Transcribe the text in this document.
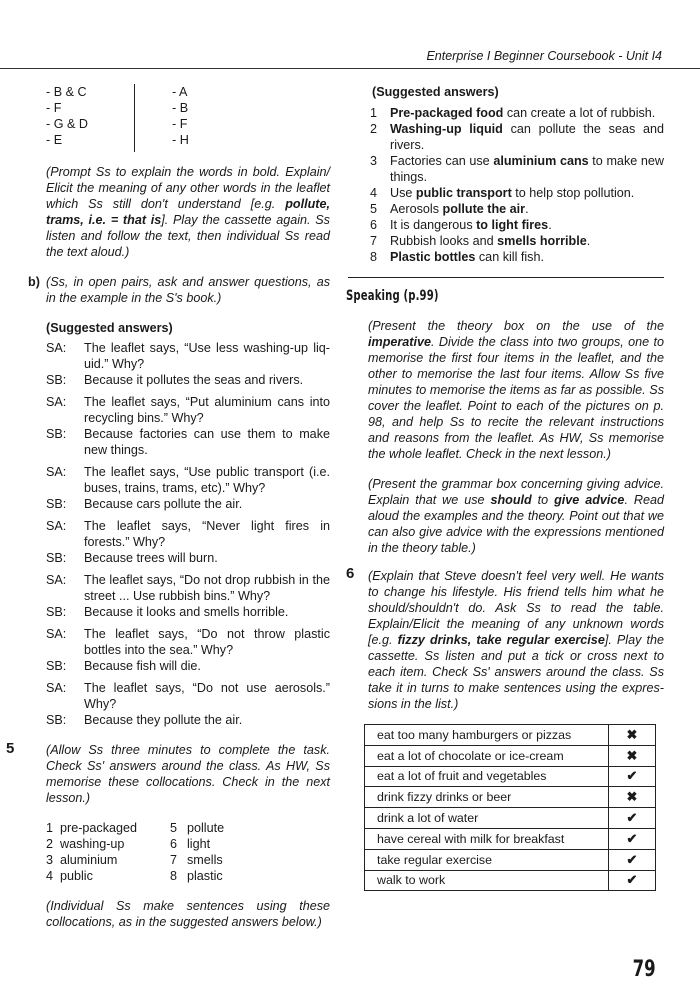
Enterprise I Beginner Coursebook - Unit I4
- B & C	- A
- F	- B
- G & D	- F
- E	- H
(Prompt Ss to explain the words in bold. Explain/ Elicit the meaning of any other words in the leaflet which Ss still don't understand [e.g. pollute, trams, i.e. = that is]. Play the cassette again. Ss listen and follow the text, then individual Ss read the text aloud.)
b) (Ss, in open pairs, ask and answer questions, as in the example in the S's book.)
(Suggested answers)
SA: The leaflet says, “Use less washing-up liq-uid.” Why?
SB: Because it pollutes the seas and rivers.
SA: The leaflet says, “Put aluminium cans into recycling bins.” Why?
SB: Because factories can use them to make new things.
SA: The leaflet says, “Use public transport (i.e. buses, trains, trams, etc).” Why?
SB: Because cars pollute the air.
SA: The leaflet says, “Never light fires in forests.” Why?
SB: Because trees will burn.
SA: The leaflet says, “Do not drop rubbish in the street ... Use rubbish bins.” Why?
SB: Because it looks and smells horrible.
SA: The leaflet says, “Do not throw plastic bottles into the sea.” Why?
SB: Because fish will die.
SA: The leaflet says, “Do not use aerosols.” Why?
SB: Because they pollute the air.
5	(Allow Ss three minutes to complete the task. Check Ss' answers around the class. As HW, Ss memorise these collocations. Check in the next lesson.)
1 pre-packaged	5 pollute
2 washing-up	6 light
3 aluminium	7 smells
4 public	8 plastic
(Individual Ss make sentences using these collocations, as in the suggested answers below.)
(Suggested answers)
1 Pre-packaged food can create a lot of rubbish.
2 Washing-up liquid can pollute the seas and rivers.
3 Factories can use aluminium cans to make new things.
4 Use public transport to help stop pollution.
5 Aerosols pollute the air.
6 It is dangerous to light fires.
7 Rubbish looks and smells horrible.
8 Plastic bottles can kill fish.
Speaking (p.99)
(Present the theory box on the use of the imperative. Divide the class into two groups, one to memorise the first four items in the leaflet, and the other to memorise the last four items. Allow Ss five minutes to memorise the items as far as possible. Ss cover the leaflet. Point to each of the pictures on p. 98, and help Ss to recite the relevant instructions and reasons from the leaflet. As HW, Ss memorise the whole leaflet. Check in the next lesson.)
(Present the grammar box concerning giving advice. Explain that we use should to give advice. Read aloud the examples and the theory. Point out that we can also give advice with the expressions mentioned in the theory table.)
6 (Explain that Steve doesn't feel very well. He wants to change his lifestyle. His friend tells him what he should/shouldn't do. Ask Ss to read the table. Explain/Elicit the meaning of any unknown words [e.g. fizzy drinks, take regular exercise]. Play the cassette. Ss listen and put a tick or cross next to each item. Check Ss' answers around the class. Ss take it in turns to make sentences using the expres-sions in the list.)
eat too many hamburgers or pizzas	✖
eat a lot of chocolate or ice-cream	✖
eat a lot of fruit and vegetables	✔
drink fizzy drinks or beer	✖
drink a lot of water	✔
have cereal with milk for breakfast	✔
take regular exercise	✔
walk to work	✔
79
